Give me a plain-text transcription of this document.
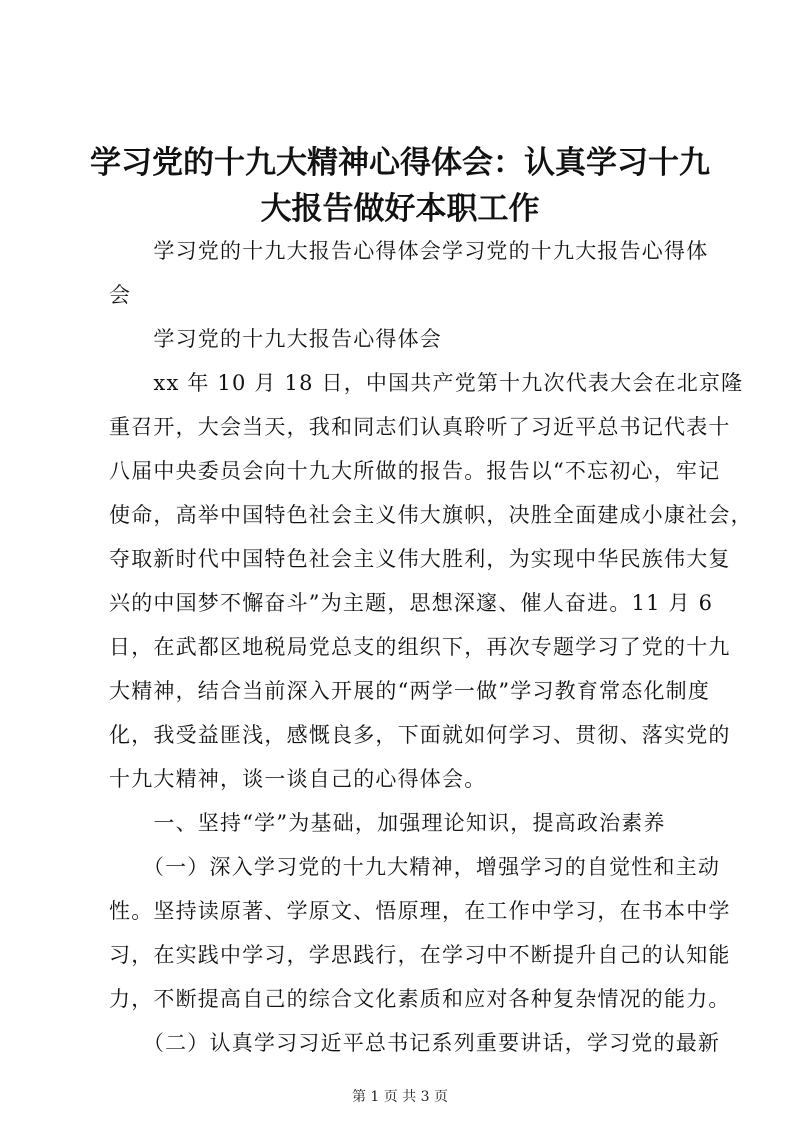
学习党的十九大精神心得体会：认真学习十九
大报告做好本职工作
　　学习党的十九大报告心得体会学习党的十九大报告心得体
会
　　学习党的十九大报告心得体会
　　xx 年 10 月 18 日，中国共产党第十九次代表大会在北京隆
重召开，大会当天，我和同志们认真聆听了习近平总书记代表十
八届中央委员会向十九大所做的报告。报告以“不忘初心，牢记
使命，高举中国特色社会主义伟大旗帜，决胜全面建成小康社会，
夺取新时代中国特色社会主义伟大胜利，为实现中华民族伟大复
兴的中国梦不懈奋斗”为主题，思想深邃、催人奋进。11 月 6
日，在武都区地税局党总支的组织下，再次专题学习了党的十九
大精神，结合当前深入开展的“两学一做”学习教育常态化制度
化，我受益匪浅，感慨良多，下面就如何学习、贯彻、落实党的
十九大精神，谈一谈自己的心得体会。
　　一、坚持“学”为基础，加强理论知识，提高政治素养
　　（一）深入学习党的十九大精神，增强学习的自觉性和主动
性。坚持读原著、学原文、悟原理，在工作中学习，在书本中学
习，在实践中学习，学思践行，在学习中不断提升自己的认知能
力，不断提高自己的综合文化素质和应对各种复杂情况的能力。
　　（二）认真学习习近平总书记系列重要讲话，学习党的最新
第 1 页 共 3 页
